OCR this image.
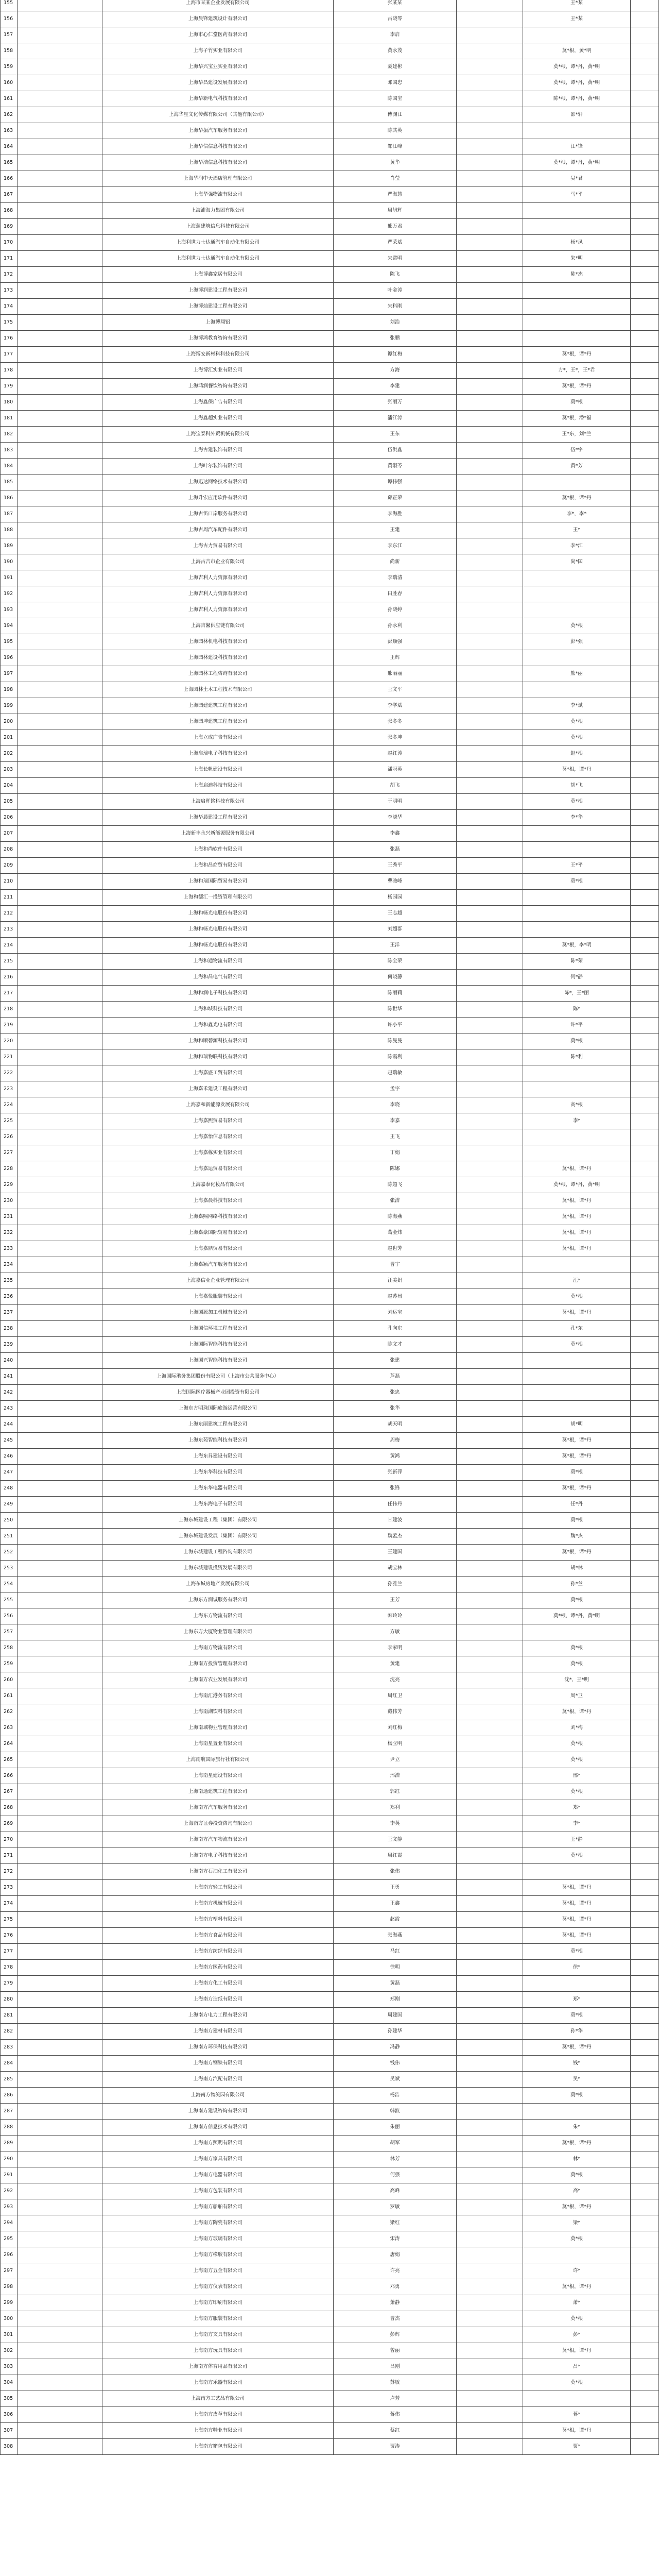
155		上海市某某企业发展有限公司	张某某		王*某	
156		上海晨锋建筑设计有限公司	古晓琴		王*某	
157		上海市心仁堂医药有限公司	李启			
158		上海子竹实业有限公司	黄永茂		莫*根，黄*明	
159		上海华兴宝业实业有限公司	聂建彬		莫*根，谭*丹，黄*明	
160		上海华昌建设发展有限公司	邓国忠		莫*根，谭*丹，黄*明	
161		上海华新电气科技有限公司	陈国宝		陈*根，谭*丹，黄*明	
162		上海华星文化传媒有限公司（其他有限公司）	傅渊江		邵*轩	
163		上海华振汽车服务有限公司	陈其英			
164		上海华信信息科技有限公司	邹江峰		江*锋	
165		上海华浩信息科技有限公司	黄华		莫*根，谭*丹，黄*明	
166		上海华润中天酒店管理有限公司	肖莹		吴*君	
167		上海华强物流有限公司	严海慧		马*平	
168		上海浦海力集团有限公司	周旭辉			
169		上海蒲建筑信息科技有限公司	熊万君			
170		上海利世力士达通汽车自动化有限公司	严荣斌		杨*凤	
171		上海利世力士达通汽车自动化有限公司	朱常明		朱*明	
172		上海博鑫家居有限公司	陈飞		陈*杰	
173		上海博润建设工程有限公司	叶金涛			
174		上海博灿建设工程有限公司	朱科刚			
175		上海博翔铝	刘浩			
176		上海博鸿教育咨询有限公司	张鹏			
177		上海博安新材料科技有限公司	谭红梅		莫*根，谭*丹	
178		上海博汇实业有限公司	方海		方*，王*，王*君	
179		上海鸿润餐饮咨询有限公司	李建		莫*根，谭*丹	
180		上海鑫保广告有限公司	张丽万		莫*根	
181		上海鑫超实业有限公司	潘江涛		莫*根，潘*福	
182		上海宝泰科外贸机械有限公司	王东		王*东，刘*兰	
183		上海古建装饰有限公司	伍洪鑫		伍*宇	
184		上海叶尔装饰有限公司	黄淑苓		黄*芳	
185		上海迅达网络技术有限公司	谭伟强			
186		上海升宏应用软件有限公司	邱正荣		莫*根，谭*丹	
187		上海古笛口岸服务有限公司	李海胜		李*，李*	
188		上海古周汽车配件有限公司	王建		王*	
189		上海古力贸易有限公司	李东江		李*江	
190		上海古吉市企业有限公司	尚新		尚*国	
191		上海吉利人力资源有限公司	李瑞清			
192		上海吉利人力资源有限公司	田胜春			
193		上海吉利人力资源有限公司	孙晓婷			
194		上海吉馨供应链有限公司	孙永利		莫*根	
195		上海园林机电科技有限公司	彭顺强		彭*强	
196		上海园林建设科技有限公司	王辉			
197		上海园林工程咨询有限公司	熊丽丽		熊*丽	
198		上海园林土木工程技术有限公司	王文平			
199		上海园建建筑工程有限公司	李学斌		李*斌	
200		上海园坤建筑工程有限公司	张冬冬		莫*根	
201		上海立成广告有限公司	张冬坤		莫*根	
202		上海启瑞电子科技有限公司	赵红涛		赵*根	
203		上海长帆建设有限公司	潘冠英		莫*根，谭*丹	
204		上海启迪科技有限公司	胡飞		胡*飞	
205		上海启晖铭科技有限公司	于明明		莫*根	
206		上海华晨建设工程有限公司	李晓华		李*华	
207		上海新丰永兴新能源服务有限公司	李鑫			
208		上海和尚软件有限公司	张磊			
209		上海和昌商贸有限公司	王秀平		王*平	
210		上海和瑞国际贸易有限公司	曹骏峰		莫*根	
211		上海和德汇一投资管理有限公司	杨园园			
212		上海和畅光电股份有限公司	王志超			
213		上海和畅光电股份有限公司	刘超群			
214		上海和畅光电股份有限公司	王洋		莫*根，李*明	
215		上海和通物流有限公司	陈全荣		陈*荣	
216		上海和昌电气有限公司	何晓静		何*静	
217		上海和润电子科技有限公司	陈丽莉		陈*，王*丽	
218		上海和城科技有限公司	陈世华		陈*	
219		上海和鑫光电有限公司	许小平		许*平	
220		上海和顺碧源科技有限公司	陈曼曼		莫*根	
221		上海和瑞物联科技有限公司	陈霞利		陈*利	
222		上海嘉盛工贸有限公司	赵瑞敏			
223		上海嘉禾建设工程有限公司	孟宇			
224		上海嘉和新能源发展有限公司	李晓		高*根	
225		上海嘉熙贸易有限公司	李嘉		李*	
226		上海嘉怡信息有限公司	王飞			
227		上海嘉栋实业有限公司	丁娟			
228		上海嘉运贸易有限公司	陈娜		莫*根，谭*丹	
229		上海嘉泰化妆品有限公司	陈超飞		莫*根，谭*丹，黄*明	
230		上海嘉晨科技有限公司	张洁		莫*根，谭*丹	
231		上海嘉熙网络科技有限公司	陈海燕		莫*根，谭*丹	
232		上海嘉豪国际贸易有限公司	葛金炜		莫*根，谭*丹	
233		上海嘉鼎贸易有限公司	赵世芳		莫*根，谭*丹	
234		上海嘉颖汽车服务有限公司	曹宇			
235		上海嘉信业企业管理有限公司	汪美娟		汪*	
236		上海嘉悦服装有限公司	赵苏州		莫*根	
237		上海国源加工机械有限公司	刘运宝		莫*根，谭*丹	
238		上海国信环境工程有限公司	孔向东		孔*东	
239		上海国际智能科技有限公司	陈文才		莫*根	
240		上海国兴智能科技有限公司	张建			
241		上海国际港务集团股份有限公司（上海市公共服务中心）	芦磊			
242		上海国际医疗器械产业园投资有限公司	张忠			
243		上海东方明珠国际旅游运营有限公司	张华			
244		上海东丽建筑工程有限公司	胡天明		胡*明	
245		上海东苑智能科技有限公司	周梅		莫*根，谭*丹	
246		上海东昇建设有限公司	黄鸿		莫*根，谭*丹	
247		上海东华科技有限公司	张新萍		莫*根	
248		上海东华电器有限公司	张锋		莫*根，谭*丹	
249		上海东海电子有限公司	任伟丹		任*丹	
250		上海东城建设工程（集团）有限公司	甘建波		莫*根	
251		上海东城建设发展（集团）有限公司	魏孟杰		魏*杰	
252		上海东城建设工程咨询有限公司	王建国		莫*根，谭*丹	
253		上海东城建设投资发展有限公司	胡宝林		胡*林	
254		上海东城房地产发展有限公司	孙雅兰		孙*兰	
255		上海东方润诚服务有限公司	王芳		莫*根	
256		上海东方物流有限公司	韩玲玲		莫*根，谭*丹，黄*明	
257		上海东方大厦物业管理有限公司	方敏			
258		上海南方物流有限公司	李家明		莫*根	
259		上海南方投资管理有限公司	黄建		莫*根	
260		上海南方农业发展有限公司	沈亮		沈*，王*明	
261		上海南汇港务有限公司	周红卫		周*卫	
262		上海南湖饮料有限公司	戴伟芳		莫*根，谭*丹	
263		上海南城物业管理有限公司	刘红梅		刘*梅	
264		上海南星置业有限公司	杨立明		莫*根	
265		上海南航国际旅行社有限公司	尹立		莫*根	
266		上海南星建设有限公司	邢浩		邢*	
267		上海南通建筑工程有限公司	郭红		莫*根	
268		上海南方汽车服务有限公司	郑利		郑*	
269		上海南方证券投资咨询有限公司	李英		李*	
270		上海南方汽车物流有限公司	王文静		王*静	
271		上海南方电子科技有限公司	周红霞		莫*根	
272		上海南方石油化工有限公司	张伟			
273		上海南方轻工有限公司	王勇		莫*根，谭*丹	
274		上海南方机械有限公司	王鑫		莫*根，谭*丹	
275		上海南方塑料有限公司	赵霞		莫*根，谭*丹	
276		上海南方食品有限公司	张海燕		莫*根，谭*丹	
277		上海南方纺织有限公司	马红		莫*根	
278		上海南方医药有限公司	徐明		徐*	
279		上海南方化工有限公司	黄磊			
280		上海南方造纸有限公司	郑刚		郑*	
281		上海南方电力工程有限公司	周建国		莫*根	
282		上海南方建材有限公司	孙建华		孙*华	
283		上海南方环保科技有限公司	冯静		莫*根，谭*丹	
284		上海南方钢铁有限公司	钱伟		钱*	
285		上海南方汽配有限公司	吴斌		吴*	
286		上海南方物流园有限公司	杨洁		莫*根	
287		上海南方建设咨询有限公司	韩波			
288		上海南方信息技术有限公司	朱丽		朱*	
289		上海南方照明有限公司	胡军		莫*根，谭*丹	
290		上海南方家具有限公司	林芳		林*	
291		上海南方电器有限公司	何强		莫*根	
292		上海南方包装有限公司	高峰		高*	
293		上海南方船舶有限公司	罗敏		莫*根，谭*丹	
294		上海南方陶瓷有限公司	梁红		梁*	
295		上海南方玻璃有限公司	宋涛		莫*根	
296		上海南方橡胶有限公司	唐娟			
297		上海南方五金有限公司	许亮		许*	
298		上海南方仪表有限公司	邓勇		莫*根，谭*丹	
299		上海南方印刷有限公司	萧静		萧*	
300		上海南方服装有限公司	曹杰		莫*根	
301		上海南方文具有限公司	彭辉		彭*	
302		上海南方玩具有限公司	曾丽		莫*根，谭*丹	
303		上海南方体育用品有限公司	吕刚		吕*	
304		上海南方乐器有限公司	苏敏		莫*根	
305		上海南方工艺品有限公司	卢芳			
306		上海南方皮革有限公司	蒋伟		蒋*	
307		上海南方鞋业有限公司	蔡红		莫*根，谭*丹	
308		上海南方箱包有限公司	贾涛		贾*	
